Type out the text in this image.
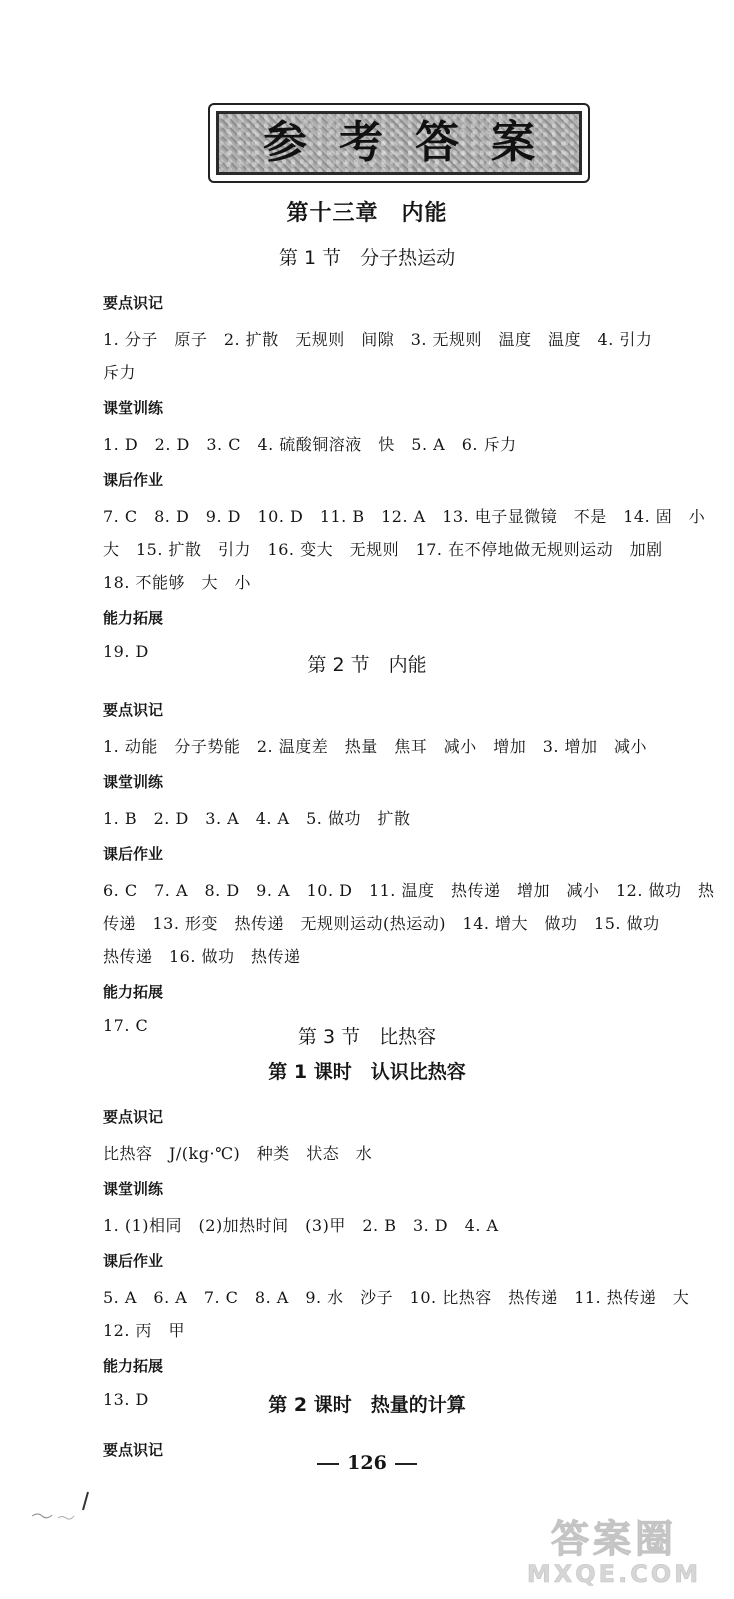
参 考 答 案
第十三章　内能
第 1 节　分子热运动
要点识记
1. 分子　原子　2. 扩散　无规则　间隙　3. 无规则　温度　温度　4. 引力
斥力
课堂训练
1. D　2. D　3. C　4. 硫酸铜溶液　快　5. A　6. 斥力
课后作业
7. C　8. D　9. D　10. D　11. B　12. A　13. 电子显微镜　不是　14. 固　小
大　15. 扩散　引力　16. 变大　无规则　17. 在不停地做无规则运动　加剧
18. 不能够　大　小
能力拓展
19. D
第 2 节　内能
要点识记
1. 动能　分子势能　2. 温度差　热量　焦耳　减小　增加　3. 增加　减小
课堂训练
1. B　2. D　3. A　4. A　5. 做功　扩散
课后作业
6. C　7. A　8. D　9. A　10. D　11. 温度　热传递　增加　减小　12. 做功　热
传递　13. 形变　热传递　无规则运动(热运动)　14. 增大　做功　15. 做功
热传递　16. 做功　热传递
能力拓展
17. C
第 3 节　比热容
第 1 课时　认识比热容
要点识记
比热容　J/(kg·℃)　种类　状态　水
课堂训练
1. (1)相同　(2)加热时间　(3)甲　2. B　3. D　4. A
课后作业
5. A　6. A　7. C　8. A　9. 水　沙子　10. 比热容　热传递　11. 热传递　大
12. 丙　甲
能力拓展
13. D	第 2 课时　热量的计算
要点识记
126
答案圈
MXQE.COM
